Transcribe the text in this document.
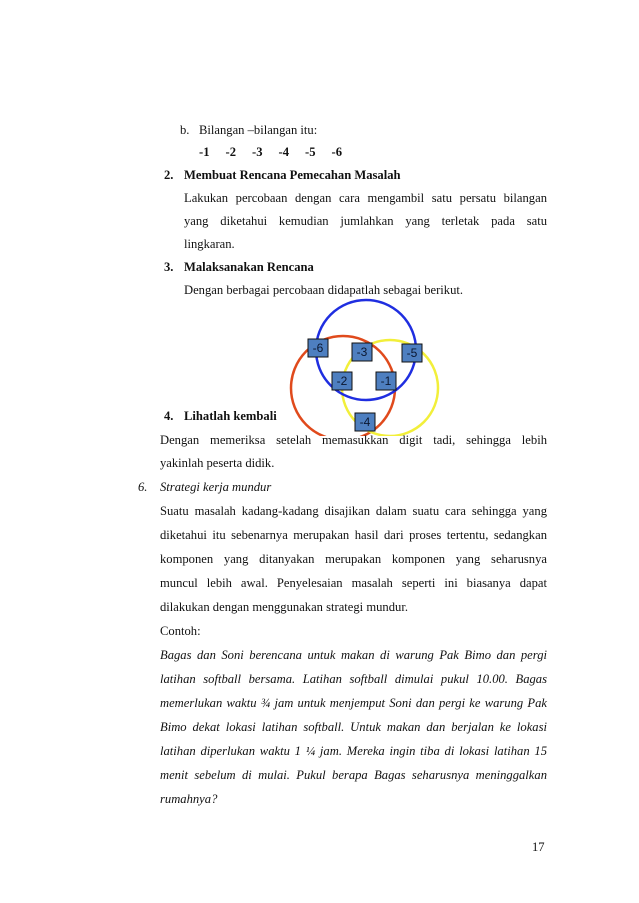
b. Bilangan –bilangan itu:
-1 -2 -3 -4 -5 -6
2. Membuat Rencana Pemecahan Masalah
Lakukan percobaan dengan cara mengambil satu persatu bilangan
yang diketahui kemudian jumlahkan yang terletak pada satu
lingkaran.
3. Malaksanakan Rencana
Dengan berbagai percobaan didapatlah sebagai berikut.
-6	-3	-5
-2	-1
-4
4. Lihatlah kembali
Dengan memeriksa setelah memasukkan digit tadi, sehingga lebih
yakinlah peserta didik.
6. Strategi kerja mundur
Suatu masalah kadang-kadang disajikan dalam suatu cara sehingga yang
diketahui itu sebenarnya merupakan hasil dari proses tertentu, sedangkan
komponen yang ditanyakan merupakan komponen yang seharusnya
muncul lebih awal. Penyelesaian masalah seperti ini biasanya dapat
dilakukan dengan menggunakan strategi mundur.
Contoh:
Bagas dan Soni berencana untuk makan di warung Pak Bimo dan pergi
latihan softball bersama. Latihan softball dimulai pukul 10.00. Bagas
memerlukan waktu ¾ jam untuk menjemput Soni dan pergi ke warung Pak
Bimo dekat lokasi latihan softball. Untuk makan dan berjalan ke lokasi
latihan diperlukan waktu 1 ¼ jam. Mereka ingin tiba di lokasi latihan 15
menit sebelum di mulai. Pukul berapa Bagas seharusnya meninggalkan
rumahnya?
17
